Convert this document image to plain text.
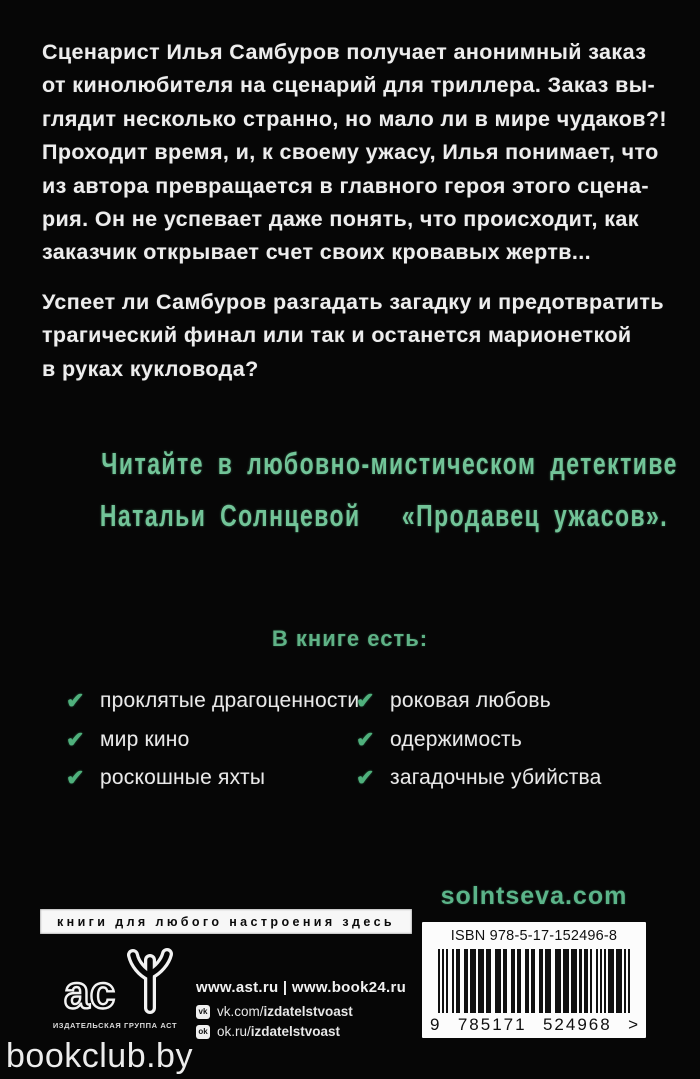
Сценарист Илья Самбуров получает анонимный заказ
от кинолюбителя на сценарий для триллера. Заказ вы-
глядит несколько странно, но мало ли в мире чудаков?!
Проходит время, и, к своему ужасу, Илья понимает, что
из автора превращается в главного героя этого сцена-
рия. Он не успевает даже понять, что происходит, как
заказчик открывает счет своих кровавых жертв...
Успеет ли Самбуров разгадать загадку и предотвратить
трагический финал или так и останется марионеткой
в руках кукловода?
Читайте в любовно-мистическом детективе
Натальи Солнцевой   «Продавец ужасов».
В книге есть:
✔ проклятые драгоценности
✔ мир кино
✔ роскошные яхты
✔ роковая любовь
✔ одержимость
✔ загадочные убийства
solntseva.com
книги для любого настроения здесь
ас
ИЗДАТЕЛЬСКАЯ ГРУППА АСТ
www.ast.ru | www.book24.ru
vk vk.com/ izdatelstvoast
ok ok.ru/ izdatelstvoast
ISBN 978-5-17-152496-8
9 785171 524968 >
bookclub.by
